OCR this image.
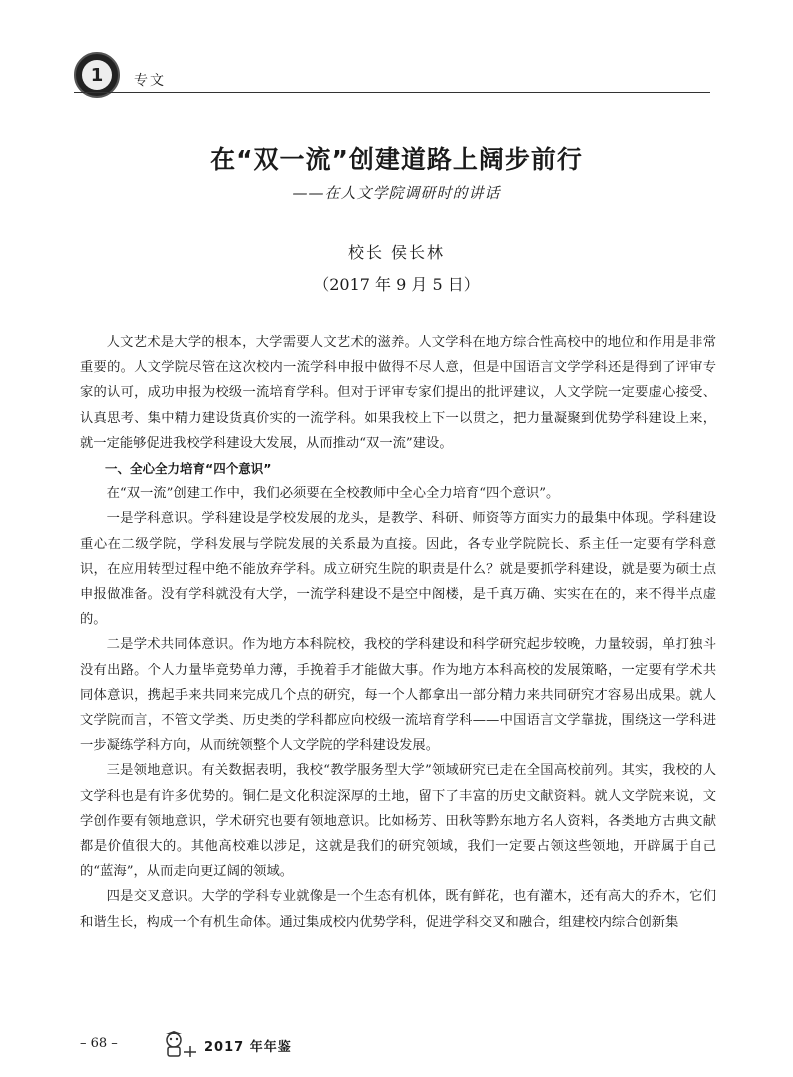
1	专文
在“双一流”创建道路上阔步前行
——在人文学院调研时的讲话
校长 侯长林
（2017 年 9 月 5 日）

人文艺术是大学的根本，大学需要人文艺术的滋养。人文学科在地方综合性高校中的地位和作用是非常重要的。人文学院尽管在这次校内一流学科申报中做得不尽人意，但是中国语言文学学科还是得到了评审专家的认可，成功申报为校级一流培育学科。但对于评审专家们提出的批评建议，人文学院一定要虚心接受、认真思考、集中精力建设货真价实的一流学科。如果我校上下一以贯之，把力量凝聚到优势学科建设上来，就一定能够促进我校学科建设大发展，从而推动“双一流”建设。

一、全心全力培育“四个意识”

在“双一流”创建工作中，我们必须要在全校教师中全心全力培育“四个意识”。

一是学科意识。学科建设是学校发展的龙头，是教学、科研、师资等方面实力的最集中体现。学科建设重心在二级学院，学科发展与学院发展的关系最为直接。因此，各专业学院院长、系主任一定要有学科意识，在应用转型过程中绝不能放弃学科。成立研究生院的职责是什么？就是要抓学科建设，就是要为硕士点申报做准备。没有学科就没有大学，一流学科建设不是空中阁楼，是千真万确、实实在在的，来不得半点虚的。

二是学术共同体意识。作为地方本科院校，我校的学科建设和科学研究起步较晚，力量较弱，单打独斗没有出路。个人力量毕竟势单力薄，手挽着手才能做大事。作为地方本科高校的发展策略，一定要有学术共同体意识，携起手来共同来完成几个点的研究，每一个人都拿出一部分精力来共同研究才容易出成果。就人文学院而言，不管文学类、历史类的学科都应向校级一流培育学科——中国语言文学靠拢，围绕这一学科进一步凝练学科方向，从而统领整个人文学院的学科建设发展。

三是领地意识。有关数据表明，我校“教学服务型大学”领域研究已走在全国高校前列。其实，我校的人文学科也是有许多优势的。铜仁是文化积淀深厚的土地，留下了丰富的历史文献资料。就人文学院来说，文学创作要有领地意识，学术研究也要有领地意识。比如杨芳、田秋等黔东地方名人资料，各类地方古典文献都是价值很大的。其他高校难以涉足，这就是我们的研究领域，我们一定要占领这些领地，开辟属于自己的“蓝海”，从而走向更辽阔的领域。

四是交叉意识。大学的学科专业就像是一个生态有机体，既有鲜花，也有灌木，还有高大的乔木，它们和谐生长，构成一个有机生命体。通过集成校内优势学科，促进学科交叉和融合，组建校内综合创新集

– 68 –	2017 年年鉴
